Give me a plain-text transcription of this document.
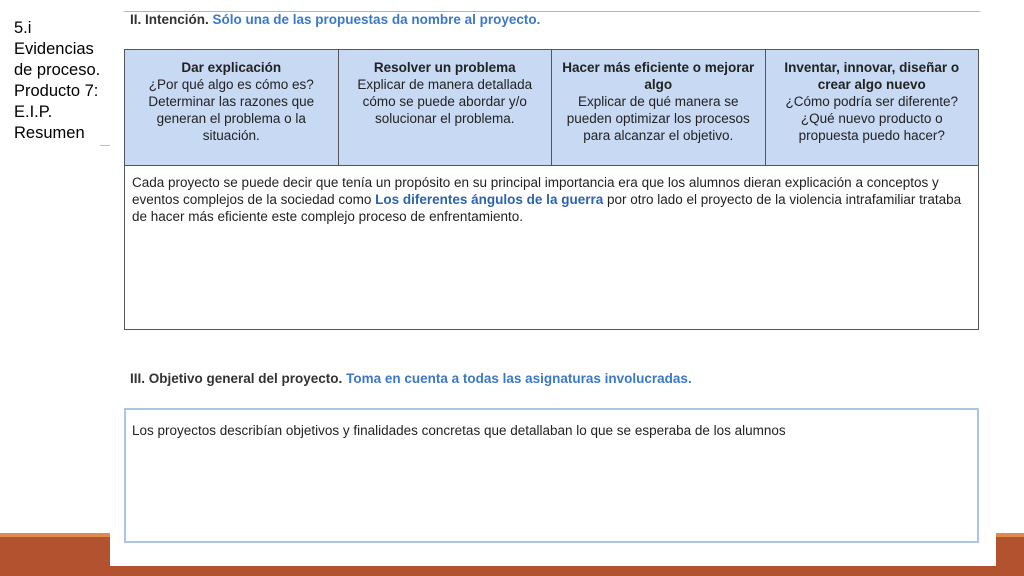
5.i
Evidencias
de proceso.
Producto 7:
E.I.P.
Resumen
II. Intención. Sólo una de las propuestas da nombre al proyecto.
Dar explicación
¿Por qué algo es cómo es? Determinar las razones que generan el problema o la situación.
Resolver un problema
Explicar de manera detallada cómo se puede abordar y/o solucionar el problema.
Hacer más eficiente o mejorar algo
Explicar de qué manera se pueden optimizar los procesos para alcanzar el objetivo.
Inventar, innovar, diseñar o crear algo nuevo
¿Cómo podría ser diferente? ¿Qué nuevo producto o propuesta puedo hacer?
Cada proyecto se puede decir que tenía un propósito en su principal importancia era que los alumnos dieran explicación a conceptos y eventos complejos de la sociedad como Los diferentes ángulos de la guerra por otro lado el proyecto de la violencia intrafamiliar trataba de hacer más eficiente este complejo proceso de enfrentamiento.
III. Objetivo general del proyecto. Toma en cuenta a todas las asignaturas involucradas.
Los proyectos describían objetivos y finalidades concretas que detallaban lo que se esperaba de los alumnos
